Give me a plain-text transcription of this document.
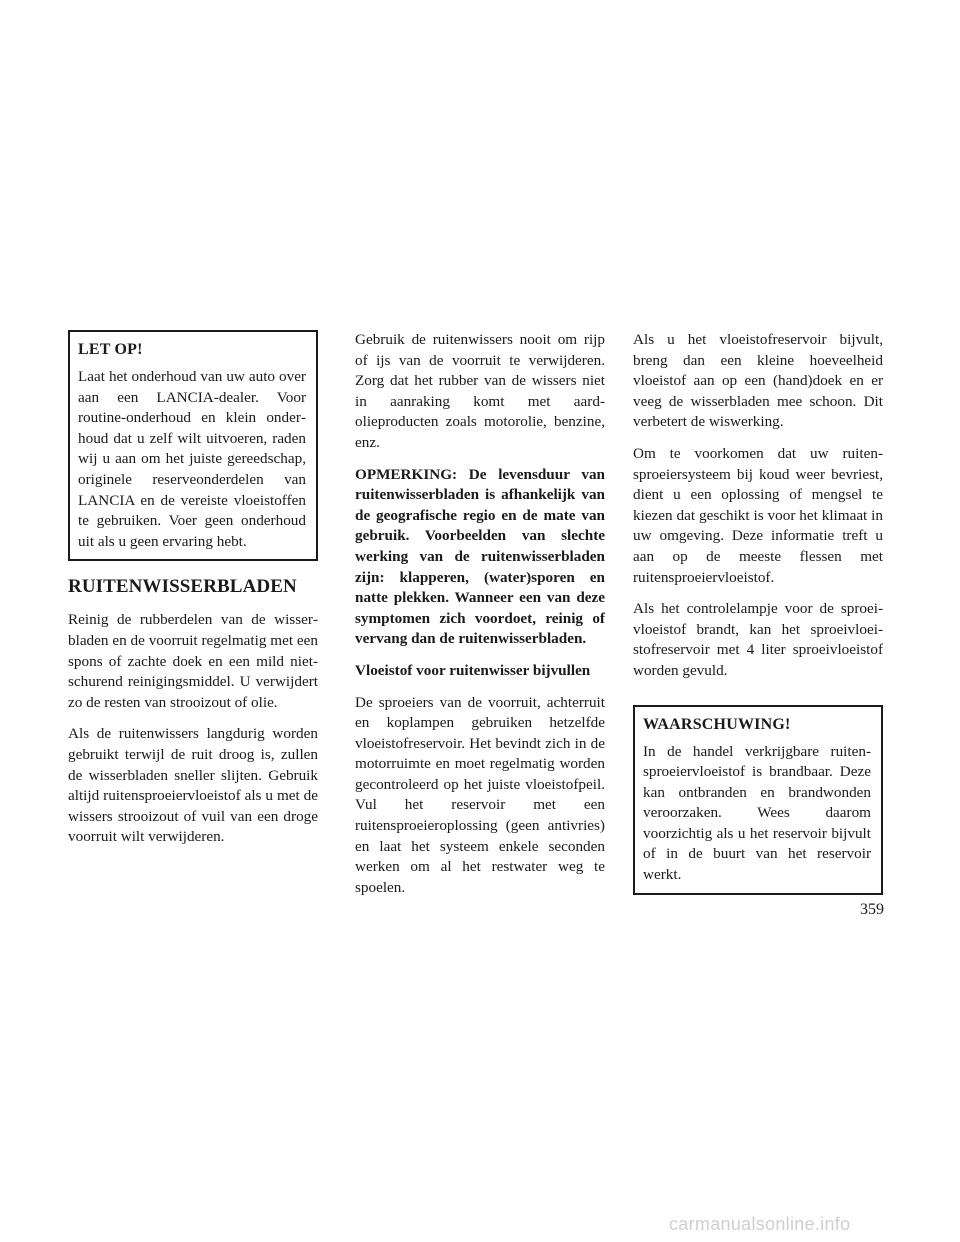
LET OP!

Laat het onderhoud van uw auto over aan een LANCIA-dealer. Voor routine-onderhoud en klein onderhoud dat u zelf wilt uitvoeren, raden wij u aan om het juiste gereedschap, originele reserveonderdelen van LANCIA en de vereiste vloeistoffen te gebruiken. Voer geen onderhoud uit als u geen ervaring hebt.

RUITENWISSERBLADEN

Reinig de rubberdelen van de wisserbladen en de voorruit regelmatig met een spons of zachte doek en een mild niet-schurend reinigingsmiddel. U verwijdert zo de resten van strooizout of olie.

Als de ruitenwissers langdurig worden gebruikt terwijl de ruit droog is, zullen de wisserbladen sneller slijten. Gebruik altijd ruitensproeiervloeistof als u met de wissers strooizout of vuil van een droge voorruit wilt verwijderen.

Gebruik de ruitenwissers nooit om rijp of ijs van de voorruit te verwijderen. Zorg dat het rubber van de wissers niet in aanraking komt met aardolieproducten zoals motorolie, benzine, enz.

OPMERKING: De levensduur van ruitenwisserbladen is afhankelijk van de geografische regio en de mate van gebruik. Voorbeelden van slechte werking van de ruitenwisserbladen zijn: klapperen, (water)sporen en natte plekken. Wanneer een van deze symptomen zich voordoet, reinig of vervang dan de ruitenwisserbladen.

Vloeistof voor ruitenwisser bijvullen

De sproeiers van de voorruit, achterruit en koplampen gebruiken hetzelfde vloeistofreservoir. Het bevindt zich in de motorruimte en moet regelmatig worden gecontroleerd op het juiste vloeistofpeil. Vul het reservoir met een ruitensproeieroplossing (geen antivries) en laat het systeem enkele seconden werken om al het restwater weg te spoelen.

Als u het vloeistofreservoir bijvult, breng dan een kleine hoeveelheid vloeistof aan op een (hand)doek en er veeg de wisserbladen mee schoon. Dit verbetert de wiswerking.

Om te voorkomen dat uw ruitensproeiersysteem bij koud weer bevriest, dient u een oplossing of mengsel te kiezen dat geschikt is voor het klimaat in uw omgeving. Deze informatie treft u aan op de meeste flessen met ruitensproeiervloeistof.

Als het controlelampje voor de sproeivloeistof brandt, kan het sproeivloeistofreservoir met 4 liter sproeivloeistof worden gevuld.

WAARSCHUWING!

In de handel verkrijgbare ruitensproeiervloeistof is brandbaar. Deze kan ontbranden en brandwonden veroorzaken. Wees daarom voorzichtig als u het reservoir bijvult of in de buurt van het reservoir werkt.

359
carmanualsonline.info
